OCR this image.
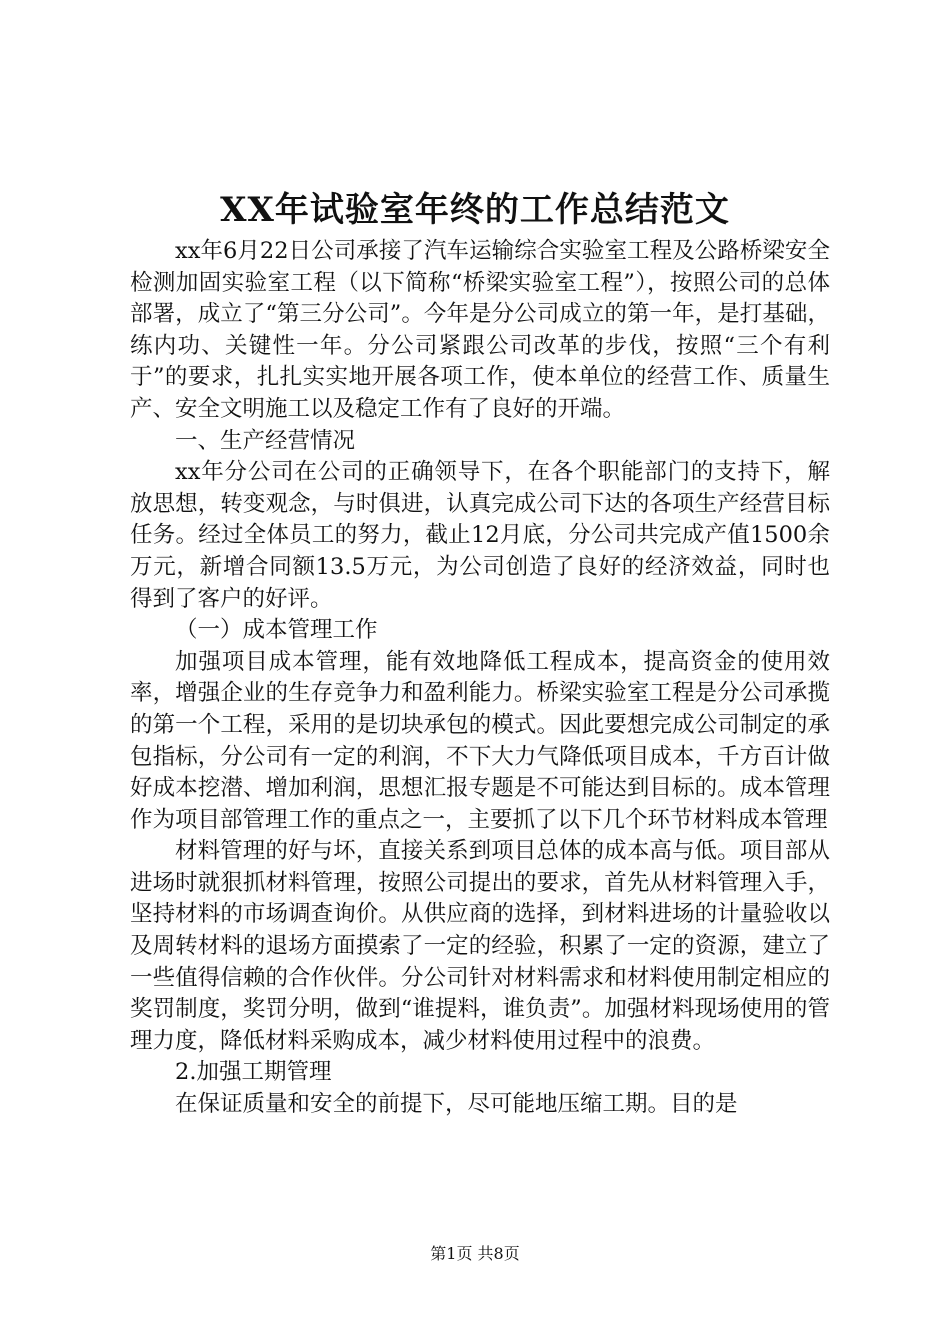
XX年试验室年终的工作总结范文

xx年6月22日公司承接了汽车运输综合实验室工程及公路桥梁安全检测加固实验室工程（以下简称“桥梁实验室工程”），按照公司的总体部署，成立了“第三分公司”。今年是分公司成立的第一年，是打基础，练内功、关键性一年。分公司紧跟公司改革的步伐，按照“三个有利于”的要求，扎扎实实地开展各项工作，使本单位的经营工作、质量生产、安全文明施工以及稳定工作有了良好的开端。

一、生产经营情况

xx年分公司在公司的正确领导下，在各个职能部门的支持下，解放思想，转变观念，与时俱进，认真完成公司下达的各项生产经营目标任务。经过全体员工的努力，截止12月底，分公司共完成产值1500余万元，新增合同额13.5万元，为公司创造了良好的经济效益，同时也得到了客户的好评。

（一）成本管理工作

加强项目成本管理，能有效地降低工程成本，提高资金的使用效率，增强企业的生存竞争力和盈利能力。桥梁实验室工程是分公司承揽的第一个工程，采用的是切块承包的模式。因此要想完成公司制定的承包指标，分公司有一定的利润，不下大力气降低项目成本，千方百计做好成本挖潜、增加利润，思想汇报专题是不可能达到目标的。成本管理作为项目部管理工作的重点之一，主要抓了以下几个环节材料成本管理

材料管理的好与坏，直接关系到项目总体的成本高与低。项目部从进场时就狠抓材料管理，按照公司提出的要求，首先从材料管理入手，坚持材料的市场调查询价。从供应商的选择，到材料进场的计量验收以及周转材料的退场方面摸索了一定的经验，积累了一定的资源，建立了一些值得信赖的合作伙伴。分公司针对材料需求和材料使用制定相应的奖罚制度，奖罚分明，做到“谁提料，谁负责”。加强材料现场使用的管理力度，降低材料采购成本，减少材料使用过程中的浪费。

2.加强工期管理

在保证质量和安全的前提下，尽可能地压缩工期。目的是

第1页 共8页
